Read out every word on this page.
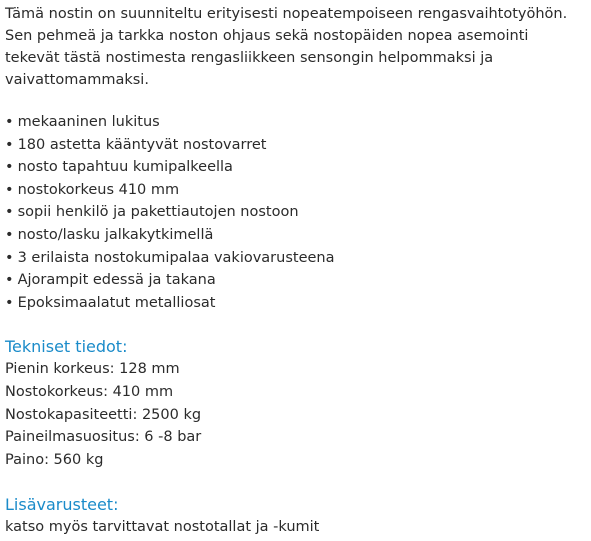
Tämä nostin on suunniteltu erityisesti nopeatempoiseen rengasvaihtotyöhön. Sen pehmeä ja tarkka noston ohjaus sekä nostopäiden nopea asemointi tekevät tästä nostimesta rengasliikkeen sensongin helpommaksi ja vaivattomammaksi.

• mekaaninen lukitus
• 180 astetta kääntyvät nostovarret
• nosto tapahtuu kumipalkeella
• nostokorkeus 410 mm
• sopii henkilö ja pakettiautojen nostoon
• nosto/lasku jalkakytkimellä
• 3 erilaista nostokumipalaa vakiovarusteena
• Ajorampit edessä ja takana
• Epoksimaalatut metalliosat
Tekniset tiedot:
Pienin korkeus: 128 mm
Nostokorkeus: 410 mm
Nostokapasiteetti: 2500 kg
Paineilmasuositus: 6 -8 bar
Paino: 560 kg
Lisävarusteet:

katso myös tarvittavat nostotallat ja -kumit
